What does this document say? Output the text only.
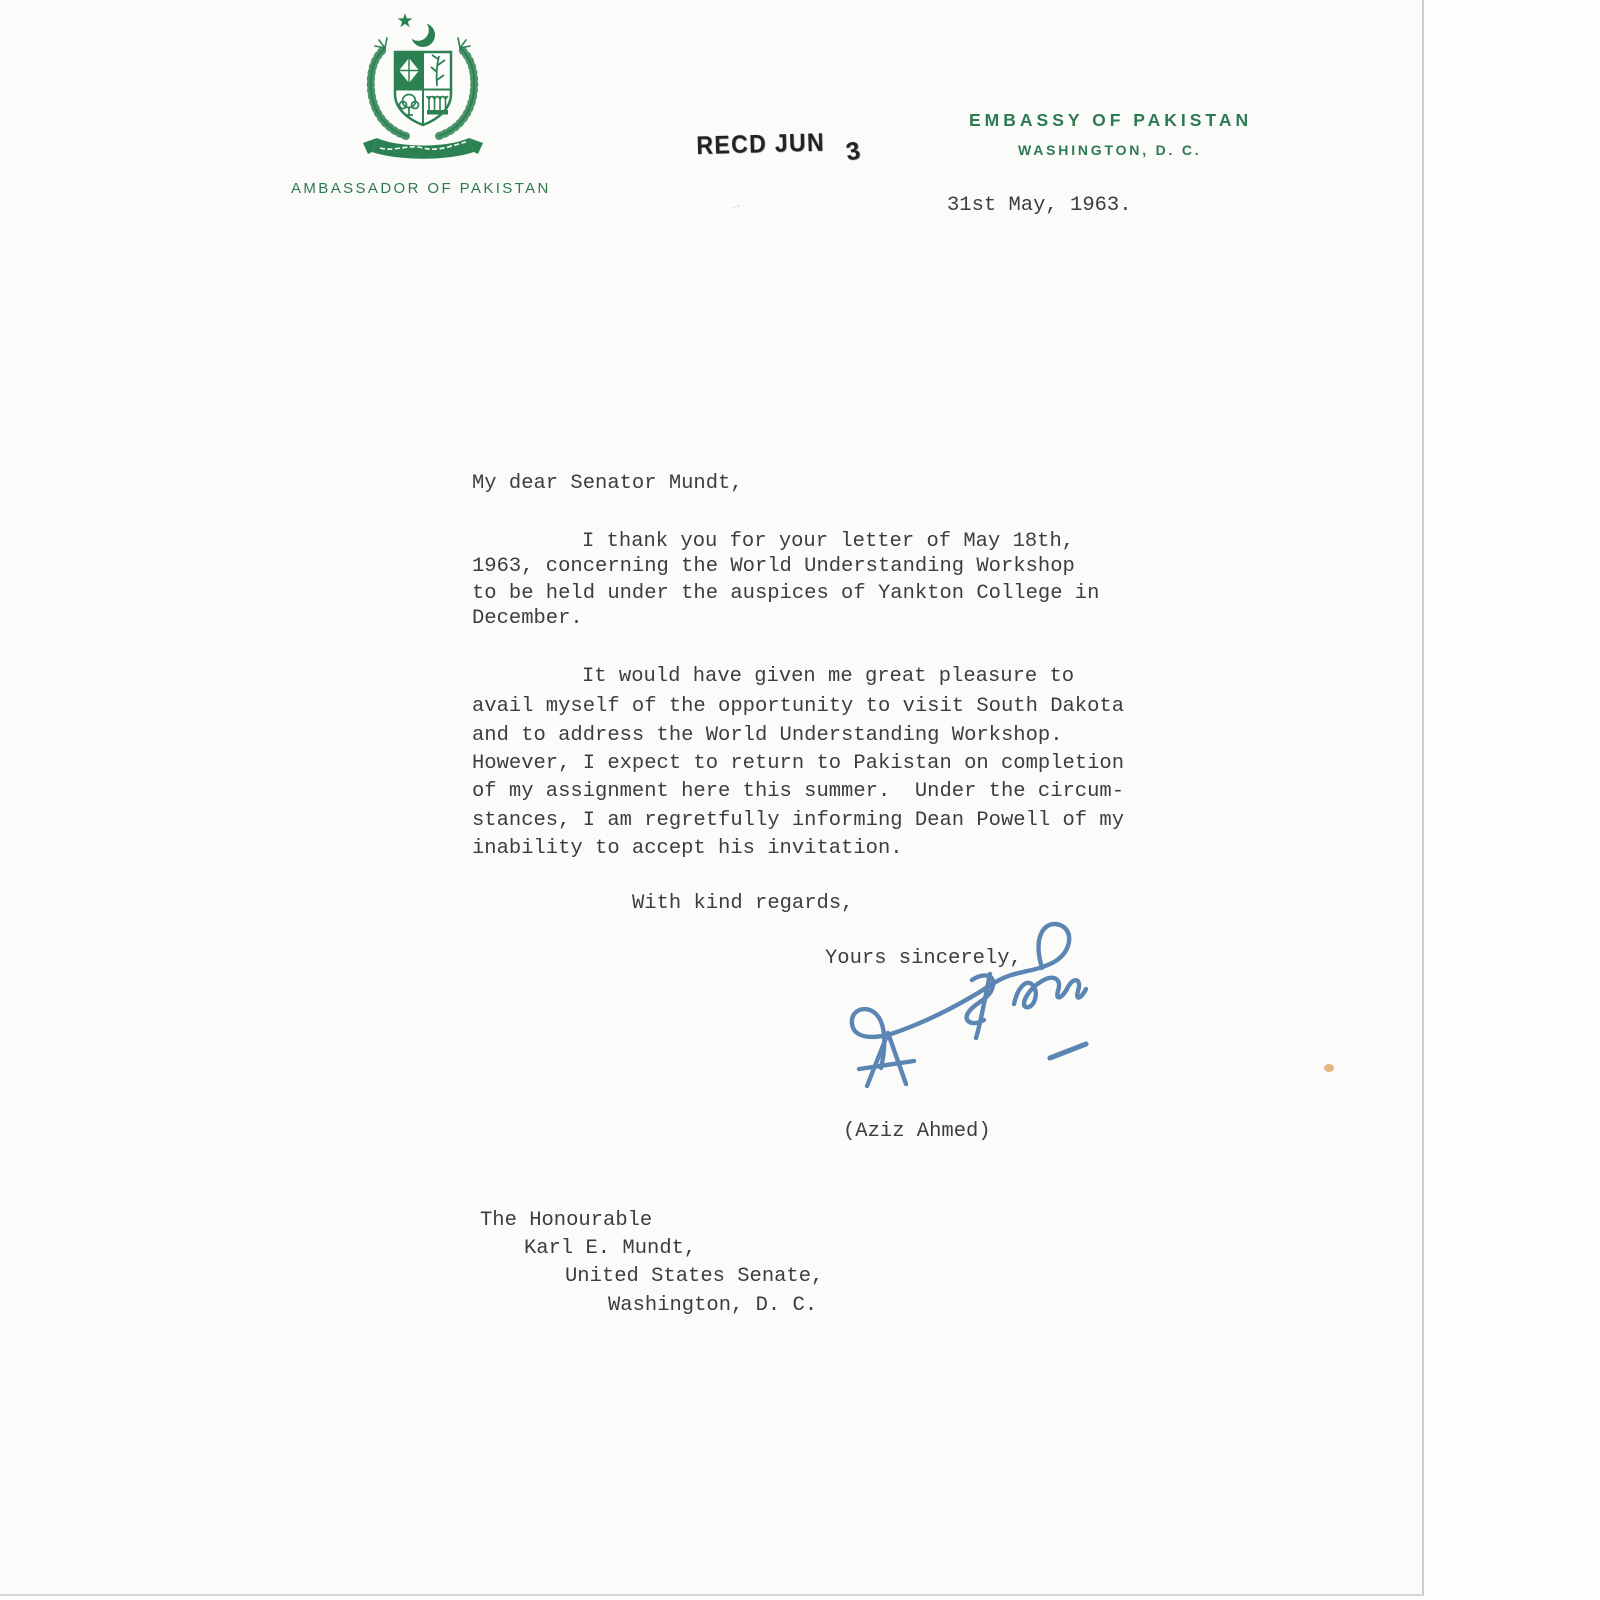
AMBASSADOR OF PAKISTAN
RECD JUN 3
.·
EMBASSY OF PAKISTAN
WASHINGTON, D. C.
31st May, 1963.
My dear Senator Mundt,
I thank you for your letter of May 18th,
1963, concerning the World Understanding Workshop
to be held under the auspices of Yankton College in
December.
It would have given me great pleasure to
avail myself of the opportunity to visit South Dakota
and to address the World Understanding Workshop.
However, I expect to return to Pakistan on completion
of my assignment here this summer.  Under the circum-
stances, I am regretfully informing Dean Powell of my
inability to accept his invitation.
With kind regards,
Yours sincerely,
(Aziz Ahmed)
The Honourable
Karl E. Mundt,
United States Senate,
Washington, D. C.
